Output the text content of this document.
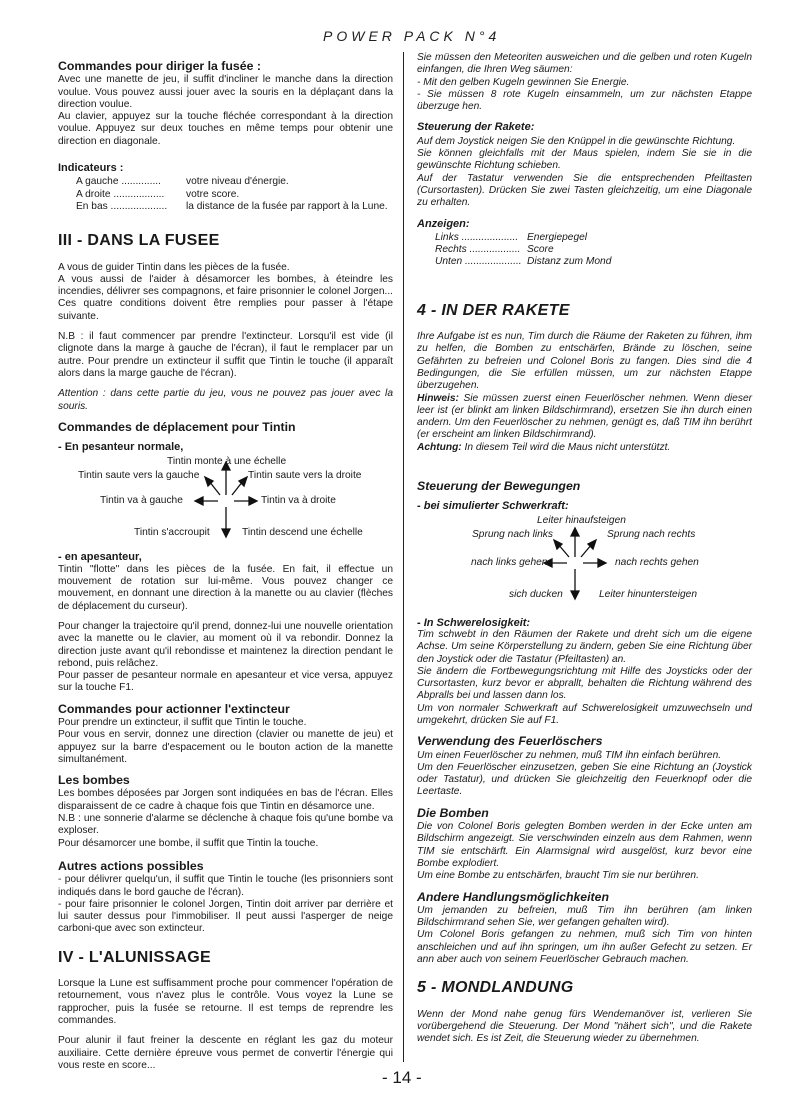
POWER PACK N°4
Commandes pour diriger la fusée :

Avec une manette de jeu, il suffit d'incliner le manche dans la direction voulue. Vous pouvez aussi jouer avec la souris en la déplaçant dans la direction voulue.

Au clavier, appuyez sur la touche fléchée correspondant à la direction voulue. Appuyez sur deux touches en même temps pour obtenir une direction en diagonale.

Indicateurs :
A gauche ..............	votre niveau d'énergie.
A droite ..................	votre score.
En bas ....................	la distance de la fusée par rapport à la Lune.
III - DANS LA FUSEE

A vous de guider Tintin dans les pièces de la fusée.

A vous aussi de l'aider à désamorcer les bombes, à éteindre les incendies, délivrer ses compagnons, et faire prisonnier le colonel Jorgen... Ces quatre conditions doivent être remplies pour passer à l'étape suivante.

N.B : il faut commencer par prendre l'extincteur. Lorsqu'il est vide (il clignote dans la marge à gauche de l'écran), il faut le remplacer par un autre. Pour prendre un extincteur il suffit que Tintin le touche (il apparaît alors dans la marge gauche de l'écran).

Attention : dans cette partie du jeu, vous ne pouvez pas jouer avec la souris.

Commandes de déplacement pour Tintin
- En pesanteur normale,
Tintin monte à une échelle
Tintin saute vers la gauche	Tintin saute vers la droite
Tintin va à gauche	Tintin va à droite
Tintin s'accroupit	Tintin descend une échelle
- en apesanteur,

Tintin "flotte" dans les pièces de la fusée. En fait, il effectue un mouvement de rotation sur lui-même. Vous pouvez changer ce mouvement, en donnant une direction à la manette ou au clavier (flèches de déplacement du curseur).

Pour changer la trajectoire qu'il prend, donnez-lui une nouvelle orientation avec la manette ou le clavier, au moment où il va rebondir. Donnez la direction juste avant qu'il rebondisse et maintenez la direction pendant le rebond, puis relâchez.

Pour passer de pesanteur normale en apesanteur et vice versa, appuyez sur la touche F1.

Commandes pour actionner l'extincteur

Pour prendre un extincteur, il suffit que Tintin le touche.

Pour vous en servir, donnez une direction (clavier ou manette de jeu) et appuyez sur la barre d'espacement ou le bouton action de la manette simultanément.

Les bombes

Les bombes déposées par Jorgen sont indiquées en bas de l'écran. Elles disparaissent de ce cadre à chaque fois que Tintin en désamorce une.

N.B : une sonnerie d'alarme se déclenche à chaque fois qu'une bombe va exploser.

Pour désamorcer une bombe, il suffit que Tintin la touche.

Autres actions possibles

- pour délivrer quelqu'un, il suffit que Tintin le touche (les prisonniers sont indiqués dans le bord gauche de l'écran).

- pour faire prisonnier le colonel Jorgen, Tintin doit arriver par derrière et lui sauter dessus pour l'immobiliser. Il peut aussi l'asperger de neige carboni-que avec son extincteur.

IV - L'ALUNISSAGE

Lorsque la Lune est suffisamment proche pour commencer l'opération de retournement, vous n'avez plus le contrôle. Vous voyez la Lune se rapprocher, puis la fusée se retourne. Il est temps de reprendre les commandes.

Pour alunir il faut freiner la descente en réglant les gaz du moteur auxiliaire. Cette dernière épreuve vous permet de convertir l'énergie qui vous reste en score...

Sie müssen den Meteoriten ausweichen und die gelben und roten Kugeln einfangen, die Ihren Weg säumen:

- Mit den gelben Kugeln gewinnen Sie Energie.

- Sie müssen 8 rote Kugeln einsammeln, um zur nächsten Etappe überzuge hen.

Steuerung der Rakete:

Auf dem Joystick neigen Sie den Knüppel in die gewünschte Richtung.

Sie können gleichfalls mit der Maus spielen, indem Sie sie in die gewünschte Richtung schieben.

Auf der Tastatur verwenden Sie die entsprechenden Pfeiltasten (Cursortasten). Drücken Sie zwei Tasten gleichzeitig, um eine Diagonale zu erhalten.

Anzeigen:
Links .................... Energiepegel
Rechts .................. Score
Unten .................... Distanz zum Mond
4 - IN DER RAKETE

Ihre Aufgabe ist es nun, Tim durch die Räume der Raketen zu führen, ihm zu helfen, die Bomben zu entschärfen, Brände zu löschen, seine Gefährten zu befreien und Colonel Boris zu fangen. Dies sind die 4 Bedingungen, die Sie erfüllen müssen, um zur nächsten Etappe überzugehen.
Hinweis: Sie müssen zuerst einen Feuerlöscher nehmen. Wenn dieser leer ist (er blinkt am linken Bildschirmrand), ersetzen Sie ihn durch einen andern. Um den Feuerlöscher zu nehmen, genügt es, daß TIM ihn berührt (er erscheint am linken Bildschirmrand).
Achtung: In diesem Teil wird die Maus nicht unterstützt.

Steuerung der Bewegungen
- bei simulierter Schwerkraft:
Leiter hinaufsteigen
Sprung nach links	Sprung nach rechts
nach links gehen	nach rechts gehen
sich ducken	Leiter hinuntersteigen
- In Schwerelosigkeit:

Tim schwebt in den Räumen der Rakete und dreht sich um die eigene Achse. Um seine Körperstellung zu ändern, geben Sie eine Richtung über den Joystick oder die Tastatur (Pfeiltasten) an.

Sie ändern die Fortbewegungsrichtung mit Hilfe des Joysticks oder der Cursortasten, kurz bevor er abprallt, behalten die Richtung während des Abpralls bei und lassen dann los.

Um von normaler Schwerkraft auf Schwerelosigkeit umzuwechseln und umgekehrt, drücken Sie auf F1.

Verwendung des Feuerlöschers

Um einen Feuerlöscher zu nehmen, muß TIM ihn einfach berühren.

Um den Feuerlöscher einzusetzen, geben Sie eine Richtung an (Joystick oder Tastatur), und drücken Sie gleichzeitig den Feuerknopf oder die Leertaste.

Die Bomben

Die von Colonel Boris gelegten Bomben werden in der Ecke unten am Bildschirm angezeigt. Sie verschwinden einzeln aus dem Rahmen, wenn TIM sie entschärft. Ein Alarmsignal wird ausgelöst, kurz bevor eine Bombe explodiert.

Um eine Bombe zu entschärfen, braucht Tim sie nur berühren.

Andere Handlungsmöglichkeiten

Um jemanden zu befreien, muß Tim ihn berühren (am linken Bildschirmrand sehen Sie, wer gefangen gehalten wird).

Um Colonel Boris gefangen zu nehmen, muß sich Tim von hinten anschleichen und auf ihn springen, um ihn außer Gefecht zu setzen. Er ann aber auch von seinem Feuerlöscher Gebrauch machen.

5 - MONDLANDUNG

Wenn der Mond nahe genug fürs Wendemanöver ist, verlieren Sie vorübergehend die Steuerung. Der Mond "nähert sich", und die Rakete wendet sich. Es ist Zeit, die Steuerung wieder zu übernehmen.

- 14 -
